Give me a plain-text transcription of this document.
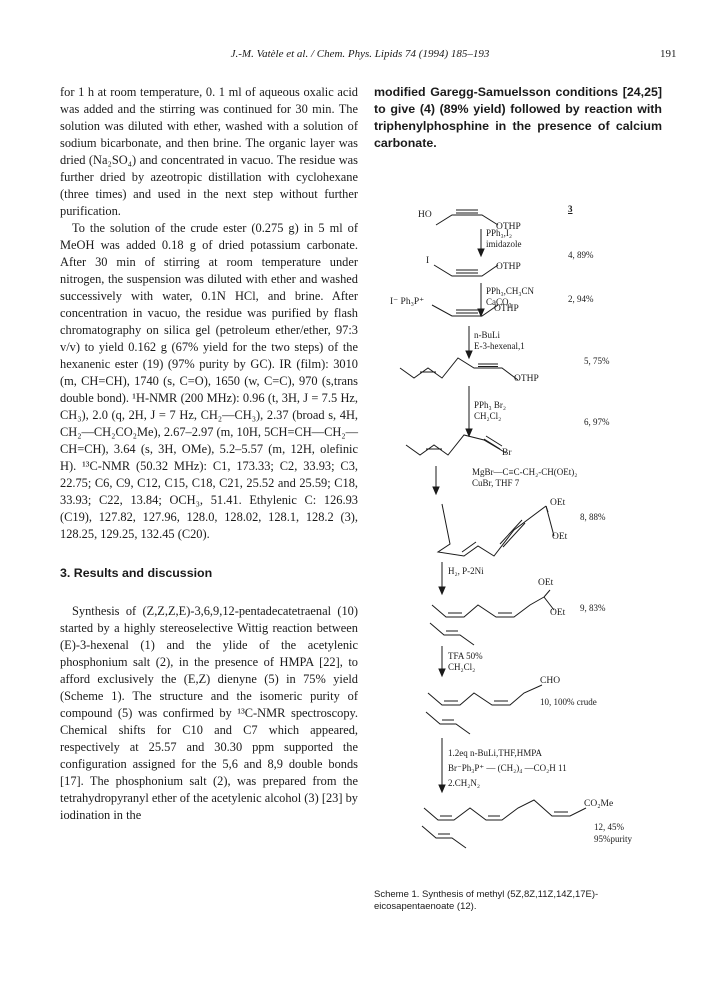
J.-M. Vatèle et al. / Chem. Phys. Lipids 74 (1994) 185–193	191

for 1 h at room temperature, 0. 1 ml of aqueous oxalic acid was added and the stirring was continued for 30 min. The solution was diluted with ether, washed with a solution of sodium bicarbonate, and then brine. The organic layer was dried (Na₂SO₄) and concentrated in vacuo. The residue was further dried by azeotropic distillation with cyclohexane (three times) and used in the next step without further purification.

To the solution of the crude ester (0.275 g) in 5 ml of MeOH was added 0.18 g of dried potassium carbonate. After 30 min of stirring at room temperature under nitrogen, the suspension was diluted with ether and washed successively with water, 0.1N HCl, and brine. After concentration in vacuo, the residue was purified by flash chromatography on silica gel (petroleum ether/ether, 97:3 v/v) to yield 0.162 g (67% yield for the two steps) of the hexanenic ester (19) (97% purity by GC). IR (film): 3010 (m, CH=CH), 1740 (s, C=O), 1650 (w, C=C), 970 (s,trans double bond). ¹H-NMR (200 MHz): 0.96 (t, 3H, J = 7.5 Hz, CH₃), 2.0 (q, 2H, J = 7 Hz, CH₂—CH₃), 2.37 (broad s, 4H, CH₂—CH₂CO₂Me), 2.67–2.97 (m, 10H, 5CH=CH—CH₂—CH=CH), 3.64 (s, 3H, OMe), 5.2–5.57 (m, 12H, olefinic H). ¹³C-NMR (50.32 MHz): C1, 173.33; C2, 33.93; C3, 22.75; C6, C9, C12, C15, C18, C21, 25.52 and 25.59; C18, 33.93; C22, 13.84; OCH₃, 51.41. Ethylenic C: 126.93 (C19), 127.82, 127.96, 128.0, 128.02, 128.1, 128.2 (3), 128.25, 129.25, 132.45 (C20).

3. Results and discussion

Synthesis of (Z,Z,Z,E)-3,6,9,12-pentadecatetraenal (10) started by a highly stereoselective Wittig reaction between (E)-3-hexenal (1) and the ylide of the acetylenic phosphonium salt (2), in the presence of HMPA [22], to afford exclusively the (E,Z) dienyne (5) in 75% yield (Scheme 1). The structure and the isomeric purity of compound (5) was confirmed by ¹³C-NMR spectroscopy. Chemical shifts for C10 and C7 which appeared, respectively at 25.57 and 30.30 ppm supported the configuration assigned for the 5,6 and 8,9 double bonds [17]. The phosphonium salt (2), was prepared from the tetrahydropyranyl ether of the acetylenic alcohol (3) [23] by iodination in the

modified Garegg-Samuelsson conditions [24,25] to give (4) (89% yield) followed by reaction with triphenylphosphine in the presence of calcium carbonate.

HO
OTHP
I
OTHP
I⁻ Ph₃P⁺
OTHP
OTHP
Br
OEt
OEt
OEt
OEt
CHO
CO₂Me
PPh₃,I₂
imidazole
PPh₃,CH₃CN
CaCO₃
n-BuLi
E-3-hexenal,1
PPh₃ Br₂
CH₂Cl₂
MgBr—C≡C-CH₂-CH(OEt)₂
CuBr, THF 7
H₂, P-2Ni
TFA 50%
CH₂Cl₂
1.2eq n-BuLi,THF,HMPA
Br⁻Ph₃P⁺ — (CH₂)₄ —CO₂H 11
2.CH₂N₂
3
4, 89%
2, 94%
5, 75%
6, 97%
8, 88%
9, 83%
10, 100% crude
12, 45%
95%purity
Scheme 1. Synthesis of methyl (5Z,8Z,11Z,14Z,17E)-eicosapentaenoate (12).
